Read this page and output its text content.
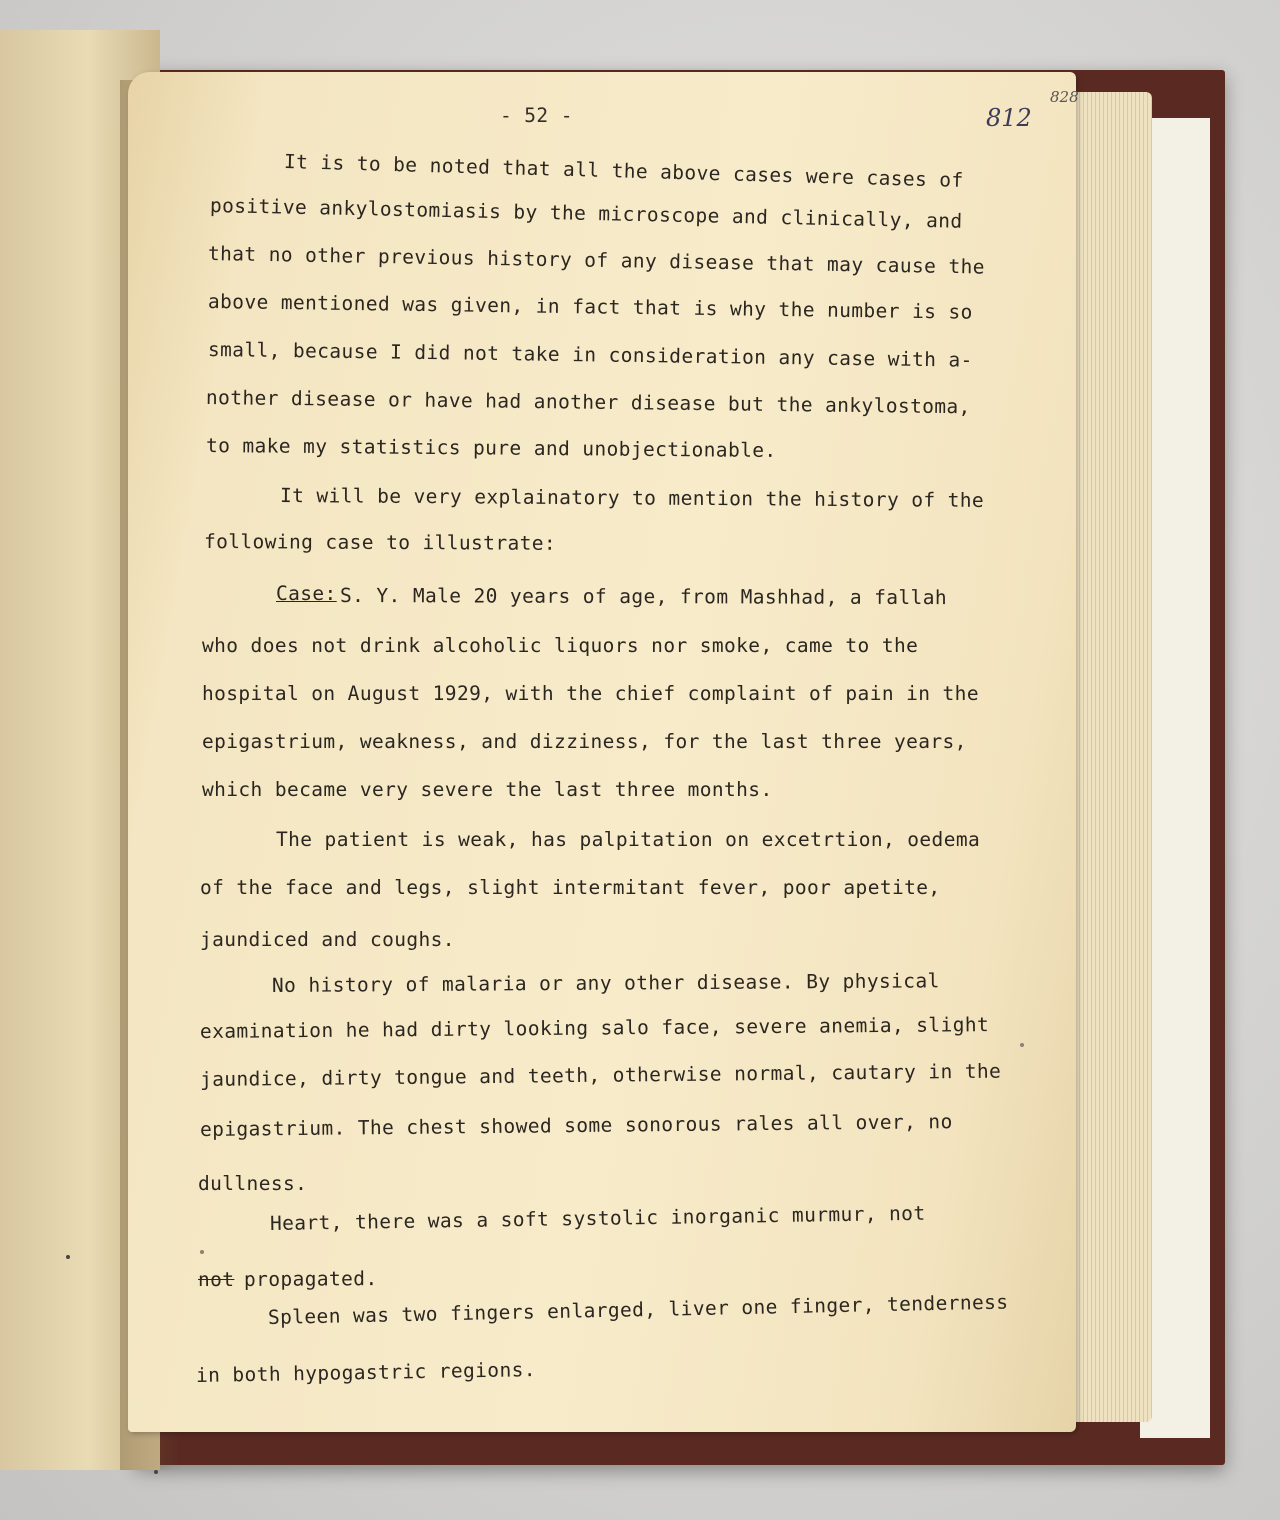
828
812
- 52 -
It is to be noted that all the above cases were cases of
positive ankylostomiasis by the microscope and clinically, and
that no other previous history of any disease that may cause the
above mentioned was given, in fact that is why the number is so
small, because I did not take in consideration any case with a-
nother disease or have had another disease but the ankylostoma,
to make my statistics pure and unobjectionable.
It will be very explainatory to mention the history of the
following case to illustrate:
Case: S. Y. Male 20 years of age, from Mashhad, a fallah
who does not drink alcoholic liquors nor smoke, came to the
hospital on August 1929, with the chief complaint of pain in the
epigastrium, weakness, and dizziness, for the last three years,
which became very severe the last three months.
The patient is weak, has palpitation on excetrtion, oedema
of the face and legs, slight intermitant fever, poor apetite,
jaundiced and coughs.
No history of malaria or any other disease. By physical
examination he had dirty looking salo face, severe anemia, slight
jaundice, dirty tongue and teeth, otherwise normal, cautary in the
epigastrium. The chest showed some sonorous rales all over, no
dullness.
Heart, there was a soft systolic inorganic murmur, not
not propagated.
Spleen was two fingers enlarged, liver one finger, tenderness
in both hypogastric regions.
